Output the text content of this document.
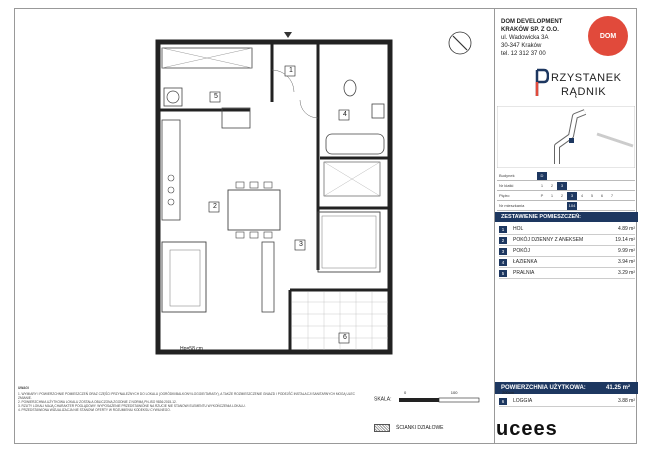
1
5
2
3
4
6
Hp=58 cm
DOM DEVELOPMENT
KRAKÓW SP. Z O.O.
ul. Wadowicka 3A
30-347 Kraków
tel. 12 312 37 00
DOM
RZYSTANEK
RĄDNIK
Budynek	D
Nr klatki	1	2	3
Piętro	P	1	2	3	4	5	6	7
Nr mieszkania	104
ZESTAWIENIE POMIESZCZEŃ:
1	HOL	4.89 m²
2	POKÓJ DZIENNY Z ANEKSEM	19.14 m²
3	POKÓJ	9.99 m²
4	ŁAZIENKA	3.94 m²
5	PRALNIA	3.29 m²
POWIERZCHNIA UŻYTKOWA:	41.25 m²
6	LOGGIA	3.88 m²
UWAGI
1. WYMIARY I POWIERZCHNIE POMIESZCZEŃ ORAZ CZĘŚCI PRZYNALEŻNYCH DO LOKALU (OGRÓDKI/BALKONY/LOGGIE/TARASY), A TAKŻE ROZMIESZCZENIE GNIAZD I PODEJŚĆ INSTALACJI SANITARNYCH MOGĄ ULEC ZMIANIE.
2. POWIERZCHNIA UŻYTKOWA LOKALU ZOSTAŁA OBLICZONA ZGODNIE Z NORMĄ PN-ISO 9836:2015-12.
3. RZUTY LOKALI MAJĄ CHARAKTER POGLĄDOWY. WYPOSAŻENIE PRZEDSTAWIONE NA RZUCIE NIE STANOWI ELEMENTU WYKOŃCZENIA LOKALU.
4. PRZEDSTAWIONA WIZUALIZACJA NIE STANOWI OFERTY W ROZUMIENIU KODEKSU CYWILNEGO.
SKALA:
0	100	200cm
ŚCIANKI DZIAŁOWE	ucees
